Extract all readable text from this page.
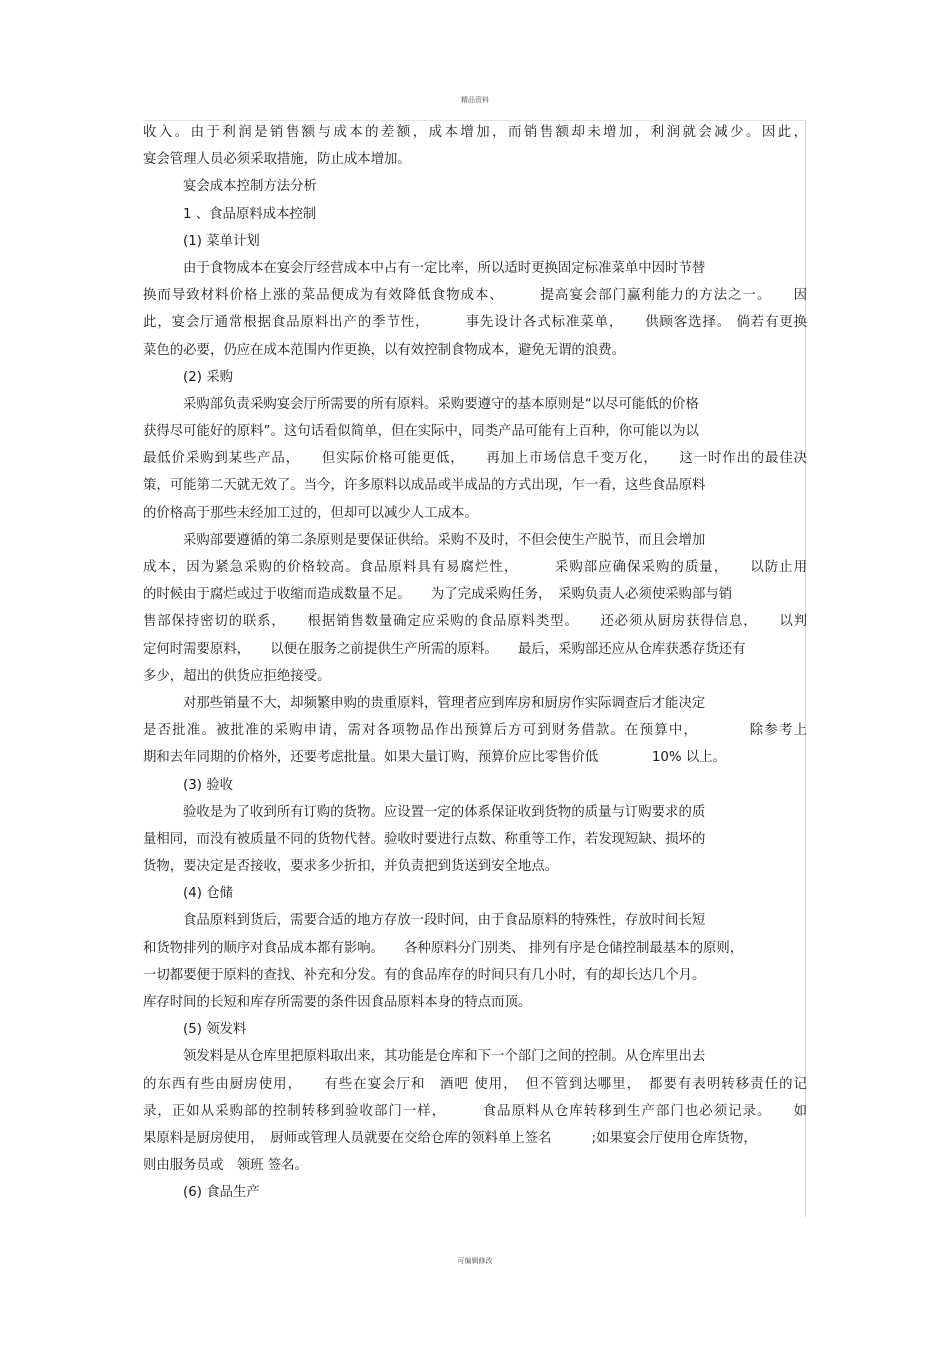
精品资料
收入。由于利润是销售额与成本的差额，成本增加，而销售额却未增加，利润就会减少。因此，
宴会管理人员必须采取措施，防止成本增加。
宴会成本控制方法分析
1 、食品原料成本控制
(1) 菜单计划
由于食物成本在宴会厅经营成本中占有一定比率，所以适时更换固定标准菜单中因时节替
换而导致材料价格上涨的菜品便成为有效降低食物成本、　　　提高宴会部门赢利能力的方法之一。　　因
此，宴会厅通常根据食品原料出产的季节性，　　　事先设计各式标准菜单，　　供顾客选择。 倘若有更换
菜色的必要，仍应在成本范围内作更换，以有效控制食物成本，避免无谓的浪费。
(2) 采购
采购部负责采购宴会厅所需要的所有原料。采购要遵守的基本原则是“以尽可能低的价格
获得尽可能好的原料”。这句话看似简单，但在实际中，同类产品可能有上百种，你可能以为以
最低价采购到某些产品，　　但实际价格可能更低，　　再加上市场信息千变万化，　　这一时作出的最佳决
策，可能第二天就无效了。当今，许多原料以成品或半成品的方式出现，乍一看，这些食品原料
的价格高于那些未经加工过的，但却可以减少人工成本。
采购部要遵循的第二条原则是要保证供给。采购不及时，不但会使生产脱节，而且会增加
成本，因为紧急采购的价格较高。食品原料具有易腐烂性，　　　采购部应确保采购的质量，　　以防止用
的时候由于腐烂或过于收缩而造成数量不足。　　为了完成采购任务，　采购负责人必须使采购部与销
售部保持密切的联系，　　根据销售数量确定应采购的食品原料类型。　　还必须从厨房获得信息，　　以判
定何时需要原料，　　以便在服务之前提供生产所需的原料。　　最后，采购部还应从仓库获悉存货还有
多少，超出的供货应拒绝接受。
对那些销量不大，却频繁申购的贵重原料，管理者应到库房和厨房作实际调查后才能决定
是否批准。被批准的采购申请，需对各项物品作出预算后方可到财务借款。在预算中，　　　　除参考上
期和去年同期的价格外，还要考虑批量。如果大量订购，预算价应比零售价低　　　　10% 以上。
(3) 验收
验收是为了收到所有订购的货物。应设置一定的体系保证收到货物的质量与订购要求的质
量相同，而没有被质量不同的货物代替。验收时要进行点数、称重等工作，若发现短缺、损坏的
货物，要决定是否接收，要求多少折扣，并负责把到货送到安全地点。
(4) 仓储
食品原料到货后，需要合适的地方存放一段时间，由于食品原料的特殊性，存放时间长短
和货物排列的顺序对食品成本都有影响。　　各种原料分门别类、 排列有序是仓储控制最基本的原则，
一切都要便于原料的查找、补充和分发。有的食品库存的时间只有几小时，有的却长达几个月。
库存时间的长短和库存所需要的条件因食品原料本身的特点而顶。
(5) 领发料
领发料是从仓库里把原料取出来，其功能是仓库和下一个部门之间的控制。从仓库里出去
的东西有些由厨房使用，　　有些在宴会厅和　酒吧 使用，　但不管到达哪里，　都要有表明转移责任的记
录，正如从采购部的控制转移到验收部门一样，　　　食品原料从仓库转移到生产部门也必须记录。　　如
果原料是厨房使用，　厨师或管理人员就要在交给仓库的领料单上签名　　　;如果宴会厅使用仓库货物，
则由服务员或　领班 签名。
(6) 食品生产
可编辑修改
